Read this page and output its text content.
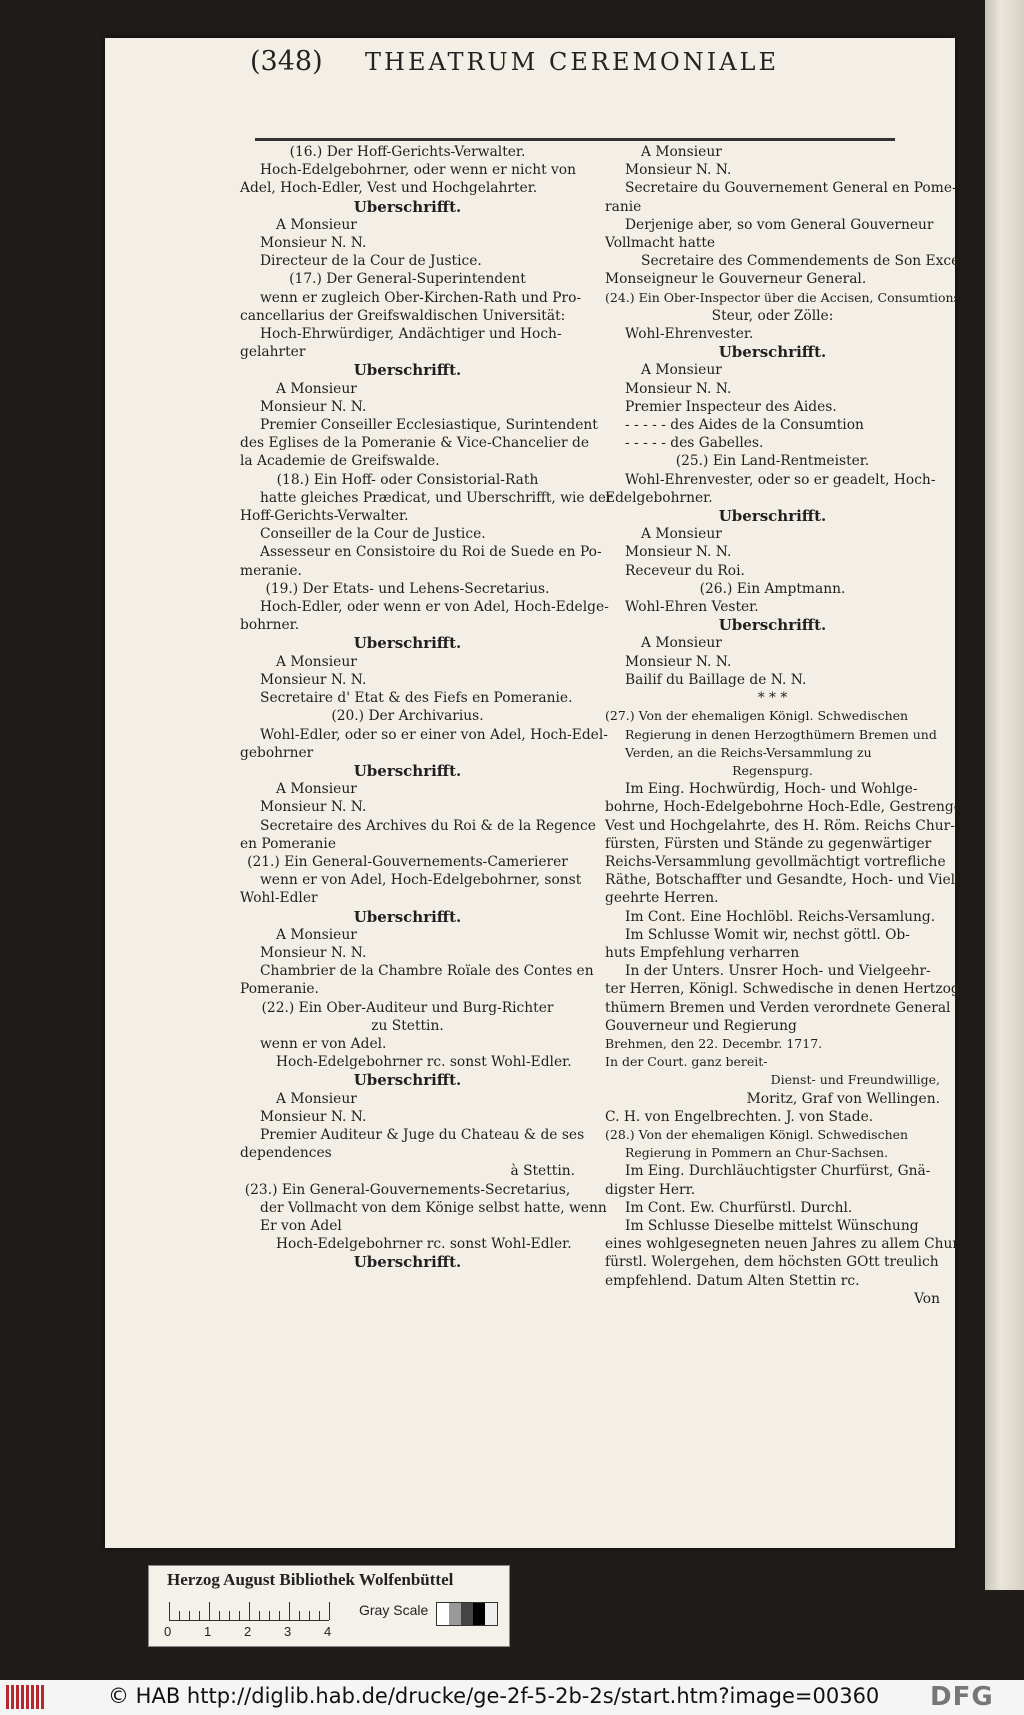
(348) THEATRUM CEREMONIALE
(16.) Der Hoff-Gerichts-Verwalter.
Hoch-Edelgebohrner, oder wenn er nicht von
Adel, Hoch-Edler, Vest und Hochgelahrter.
Uberschrifft.
A Monsieur
Monsieur N. N.
Directeur de la Cour de Justice.
(17.) Der General-Superintendent
wenn er zugleich Ober-Kirchen-Rath und Pro-
cancellarius der Greifswaldischen Universität:
Hoch-Ehrwürdiger, Andächtiger und Hoch-
gelahrter
Uberschrifft.
A Monsieur
Monsieur N. N.
Premier Conseiller Ecclesiastique, Surintendent
des Eglises de la Pomeranie & Vice-Chancelier de
la Academie de Greifswalde.
(18.) Ein Hoff- oder Consistorial-Rath
hatte gleiches Prædicat, und Uberschrifft, wie der
Hoff-Gerichts-Verwalter.
Conseiller de la Cour de Justice.
Assesseur en Consistoire du Roi de Suede en Po-
meranie.
(19.) Der Etats- und Lehens-Secretarius.
Hoch-Edler, oder wenn er von Adel, Hoch-Edelge-
bohrner.
Uberschrifft.
A Monsieur
Monsieur N. N.
Secretaire d' Etat & des Fiefs en Pomeranie.
(20.) Der Archivarius.
Wohl-Edler, oder so er einer von Adel, Hoch-Edel-
gebohrner
Uberschrifft.
A Monsieur
Monsieur N. N.
Secretaire des Archives du Roi & de la Regence
en Pomeranie
(21.) Ein General-Gouvernements-Camerierer
wenn er von Adel, Hoch-Edelgebohrner, sonst
Wohl-Edler
Uberschrifft.
A Monsieur
Monsieur N. N.
Chambrier de la Chambre Roïale des Contes en
Pomeranie.
(22.) Ein Ober-Auditeur und Burg-Richter
zu Stettin.
wenn er von Adel.
Hoch-Edelgebohrner rc. sonst Wohl-Edler.
Uberschrifft.
A Monsieur
Monsieur N. N.
Premier Auditeur & Juge du Chateau & de ses
dependences
à Stettin.
(23.) Ein General-Gouvernements-Secretarius,
der Vollmacht von dem Könige selbst hatte, wenn
Er von Adel
Hoch-Edelgebohrner rc. sonst Wohl-Edler.
Uberschrifft.
A Monsieur
Monsieur N. N.
Secretaire du Gouvernement General en Pome-
ranie
Derjenige aber, so vom General Gouverneur
Vollmacht hatte
Secretaire des Commendements de Son Excell.
Monseigneur le Gouverneur General.
(24.) Ein Ober-Inspector über die Accisen, Consumtions,
Steur, oder Zölle:
Wohl-Ehrenvester.
Uberschrifft.
A Monsieur
Monsieur N. N.
Premier Inspecteur des Aides.
- - - - - des Aides de la Consumtion
- - - - - des Gabelles.
(25.) Ein Land-Rentmeister.
Wohl-Ehrenvester, oder so er geadelt, Hoch-
Edelgebohrner.
Uberschrifft.
A Monsieur
Monsieur N. N.
Receveur du Roi.
(26.) Ein Amptmann.
Wohl-Ehren Vester.
Uberschrifft.
A Monsieur
Monsieur N. N.
Bailif du Baillage de N. N.
* * *
(27.) Von der ehemaligen Königl. Schwedischen
Regierung in denen Herzogthümern Bremen und
Verden, an die Reichs-Versammlung zu
Regenspurg.
Im Eing. Hochwürdig, Hoch- und Wohlge-
bohrne, Hoch-Edelgebohrne Hoch-Edle, Gestrenge,
Vest und Hochgelahrte, des H. Röm. Reichs Chur-
fürsten, Fürsten und Stände zu gegenwärtiger
Reichs-Versammlung gevollmächtigt vortrefliche
Räthe, Botschaffter und Gesandte, Hoch- und Viel-
geehrte Herren.
Im Cont. Eine Hochlöbl. Reichs-Versamlung.
Im Schlusse Womit wir, nechst göttl. Ob-
huts Empfehlung verharren
In der Unters. Unsrer Hoch- und Vielgeehr-
ter Herren, Königl. Schwedische in denen Hertzog-
thümern Bremen und Verden verordnete General
Gouverneur und Regierung
Brehmen, den 22. Decembr. 1717.
In der Court. ganz bereit-
Dienst- und Freundwillige,
Moritz, Graf von Wellingen.
C. H. von Engelbrechten. J. von Stade.
(28.) Von der ehemaligen Königl. Schwedischen
Regierung in Pommern an Chur-Sachsen.
Im Eing. Durchläuchtigster Churfürst, Gnä-
digster Herr.
Im Cont. Ew. Churfürstl. Durchl.
Im Schlusse Dieselbe mittelst Wünschung
eines wohlgesegneten neuen Jahres zu allem Chur-
fürstl. Wolergehen, dem höchsten GOtt treulich
empfehlend. Datum Alten Stettin rc.
Von
Herzog August Bibliothek Wolfenbüttel
0	1	2	3	4
Gray Scale
© HAB http://diglib.hab.de/drucke/ge-2f-5-2b-2s/start.htm?image=00360 DFG
